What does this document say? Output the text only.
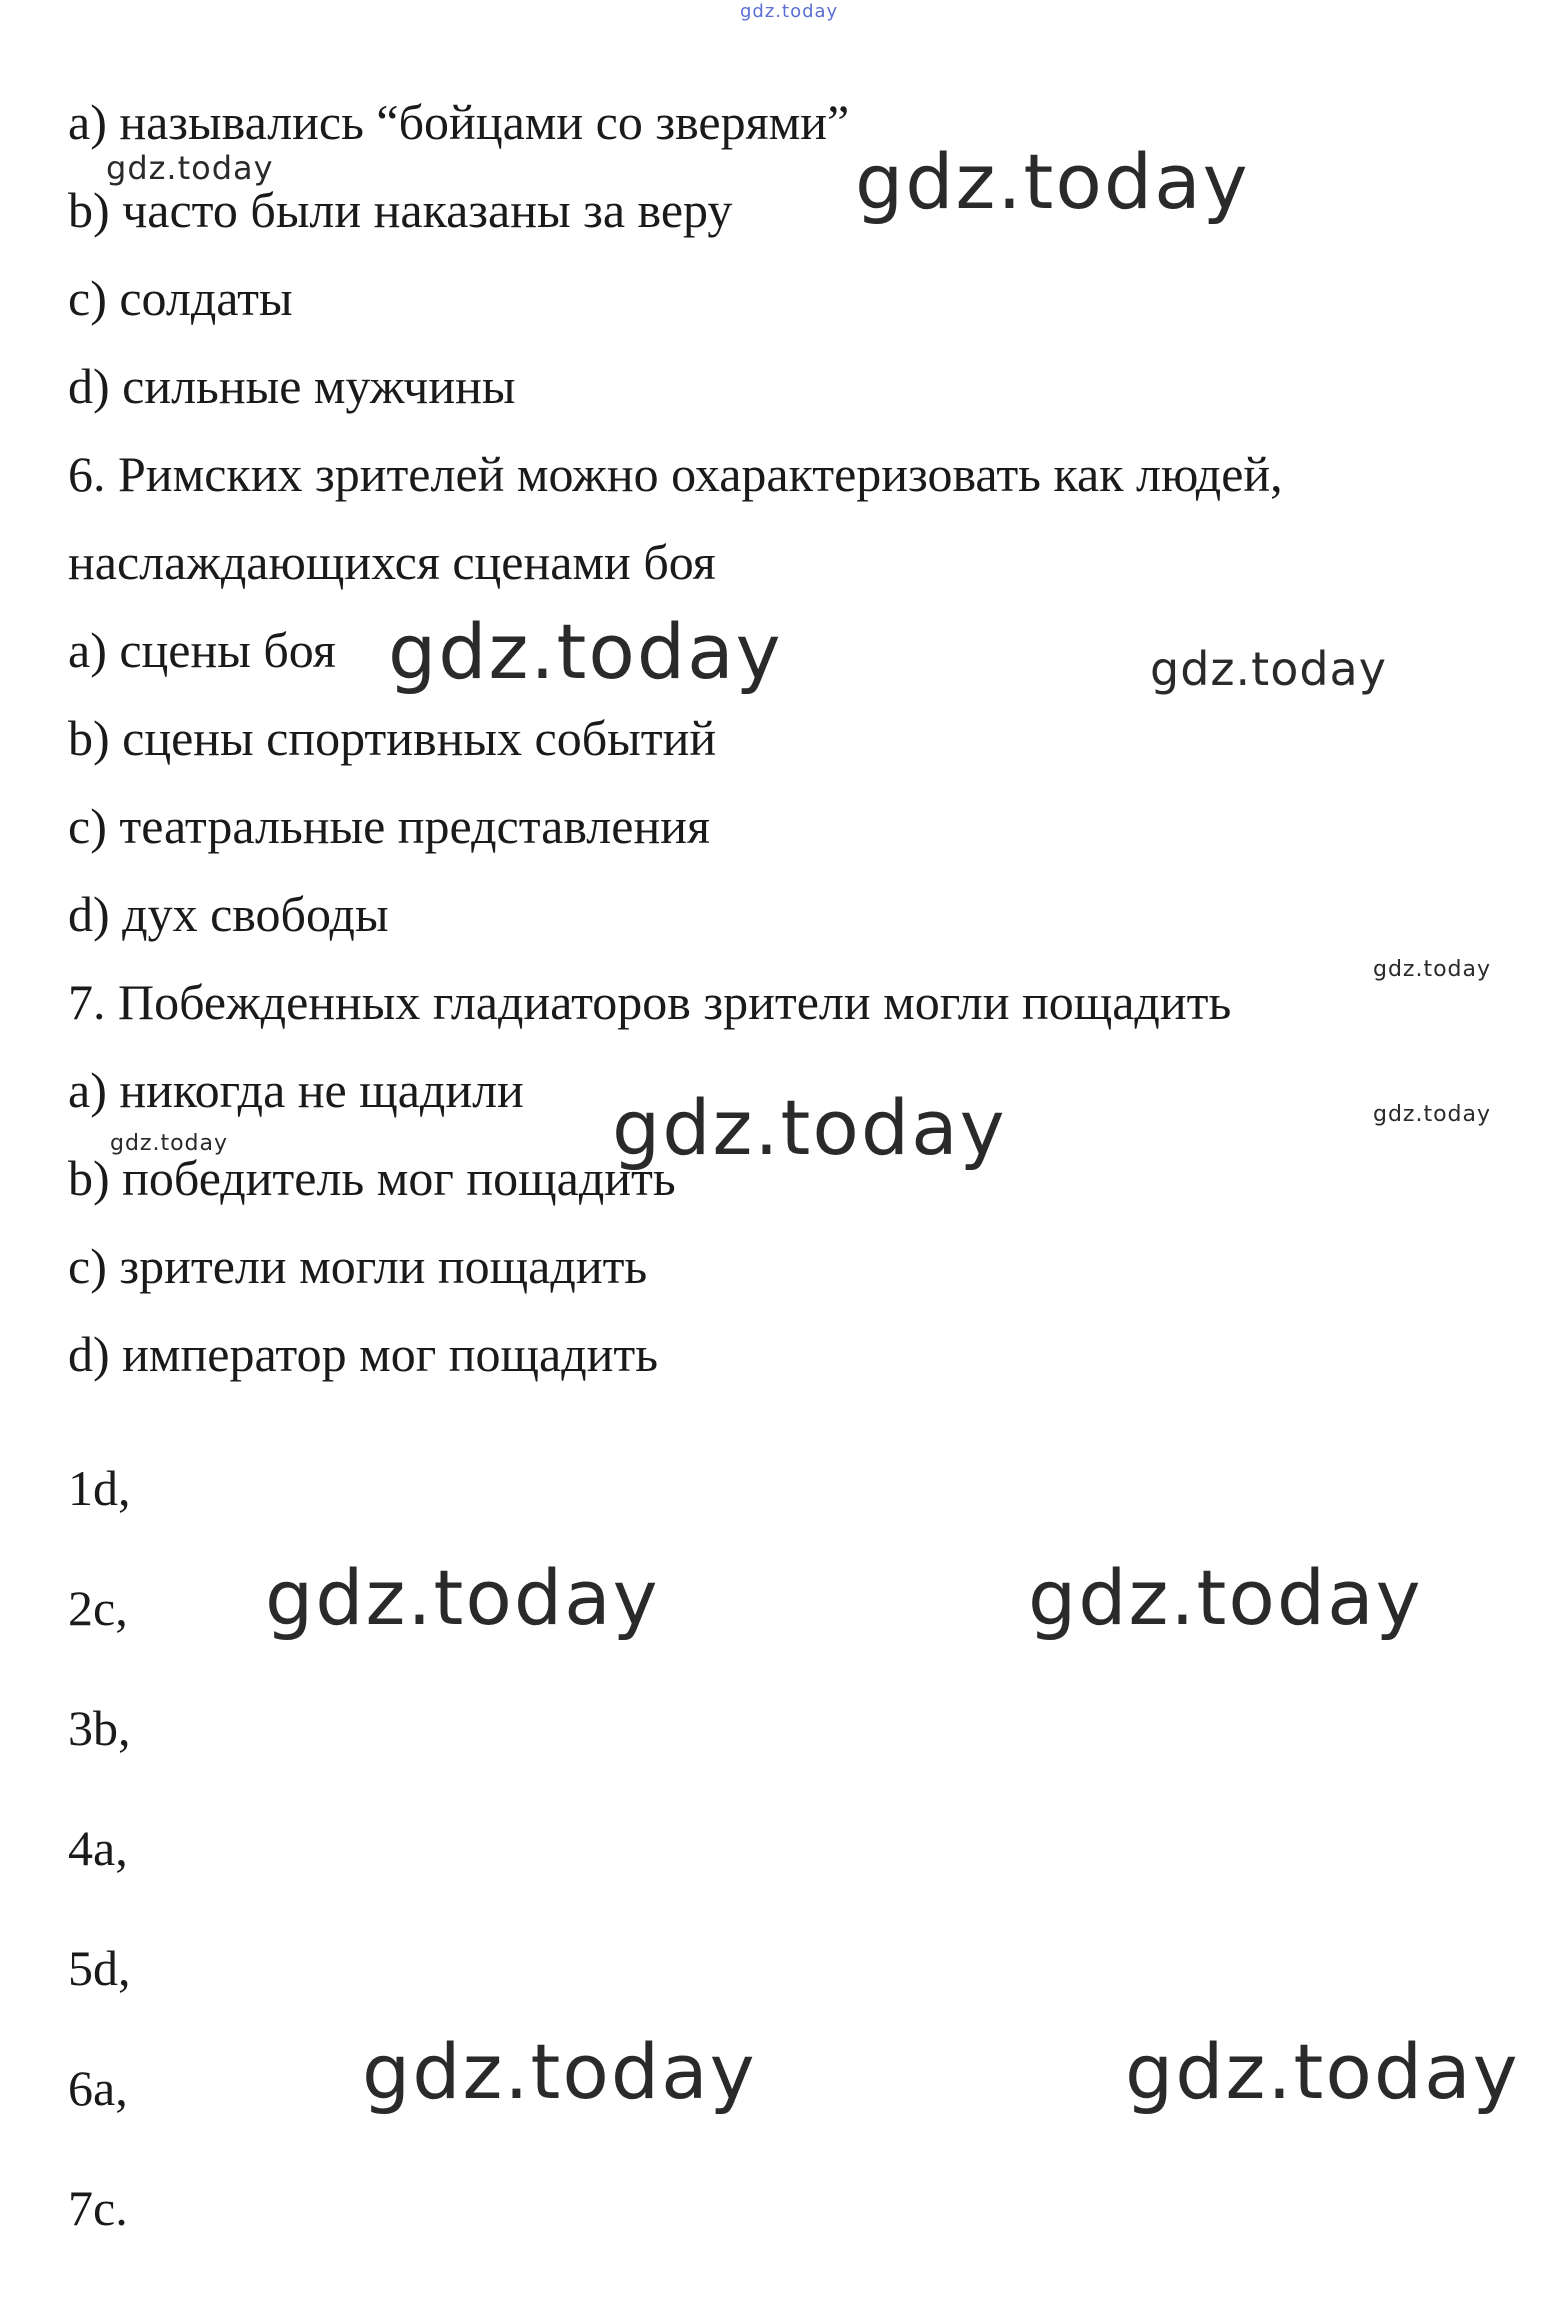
gdz.today
a) назывались “бойцами со зверями”
b) часто были наказаны за веру
c) солдаты
d) сильные мужчины
6. Римских зрителей можно охарактеризовать как людей,
наслаждающихся сценами боя
a) сцены боя
b) сцены спортивных событий
c) театральные представления
d) дух свободы
7. Побежденных гладиаторов зрители могли пощадить
a) никогда не щадили
b) победитель мог пощадить
c) зрители могли пощадить
d) император мог пощадить
1d,
2c,
3b,
4a,
5d,
6a,
7c.
gdz.today	gdz.today
gdz.today	gdz.today
gdz.today
gdz.today	gdz.today
gdz.today
gdz.today	gdz.today
gdz.today	gdz.today
